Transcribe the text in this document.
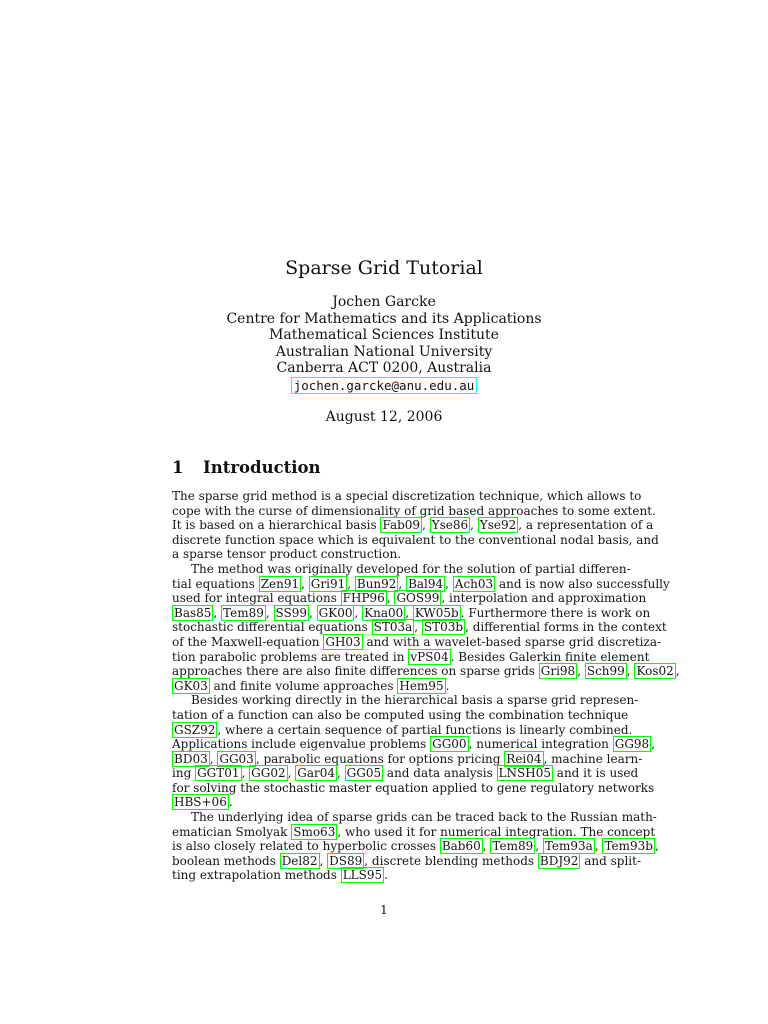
Sparse Grid Tutorial
Jochen Garcke
Centre for Mathematics and its Applications
Mathematical Sciences Institute
Australian National University
Canberra ACT 0200, Australia
jochen.garcke@anu.edu.au
August 12, 2006
1 Introduction
The sparse grid method is a special discretization technique, which allows to
cope with the curse of dimensionality of grid based approaches to some extent.
It is based on a hierarchical basis Fab09 , Yse86 , Yse92 , a representation of a
discrete function space which is equivalent to the conventional nodal basis, and
a sparse tensor product construction.
The method was originally developed for the solution of partial differen-
tial equations Zen91 , Gri91 , Bun92 , Bal94 , Ach03 and is now also successfully
used for integral equations FHP96 , GOS99 , interpolation and approximation
Bas85 , Tem89 , SS99 , GK00 , Kna00 , KW05b . Furthermore there is work on
stochastic differential equations ST03a , ST03b , differential forms in the context
of the Maxwell-equation GH03 and with a wavelet-based sparse grid discretiza-
tion parabolic problems are treated in vPS04 . Besides Galerkin finite element
approaches there are also finite differences on sparse grids Gri98 , Sch99 , Kos02 ,
GK03 and finite volume approaches Hem95 .
Besides working directly in the hierarchical basis a sparse grid represen-
tation of a function can also be computed using the combination technique
GSZ92 , where a certain sequence of partial functions is linearly combined.
Applications include eigenvalue problems GG00 , numerical integration GG98 ,
BD03 , GG03 , parabolic equations for options pricing Rei04 , machine learn-
ing GGT01 , GG02 , Gar04 , GG05 and data analysis LNSH05 and it is used
for solving the stochastic master equation applied to gene regulatory networks
HBS+06 .
The underlying idea of sparse grids can be traced back to the Russian math-
ematician Smolyak Smo63 , who used it for numerical integration. The concept
is also closely related to hyperbolic crosses Bab60 , Tem89 , Tem93a , Tem93b ,
boolean methods Del82 , DS89 , discrete blending methods BDJ92 and split-
ting extrapolation methods LLS95 .
1
